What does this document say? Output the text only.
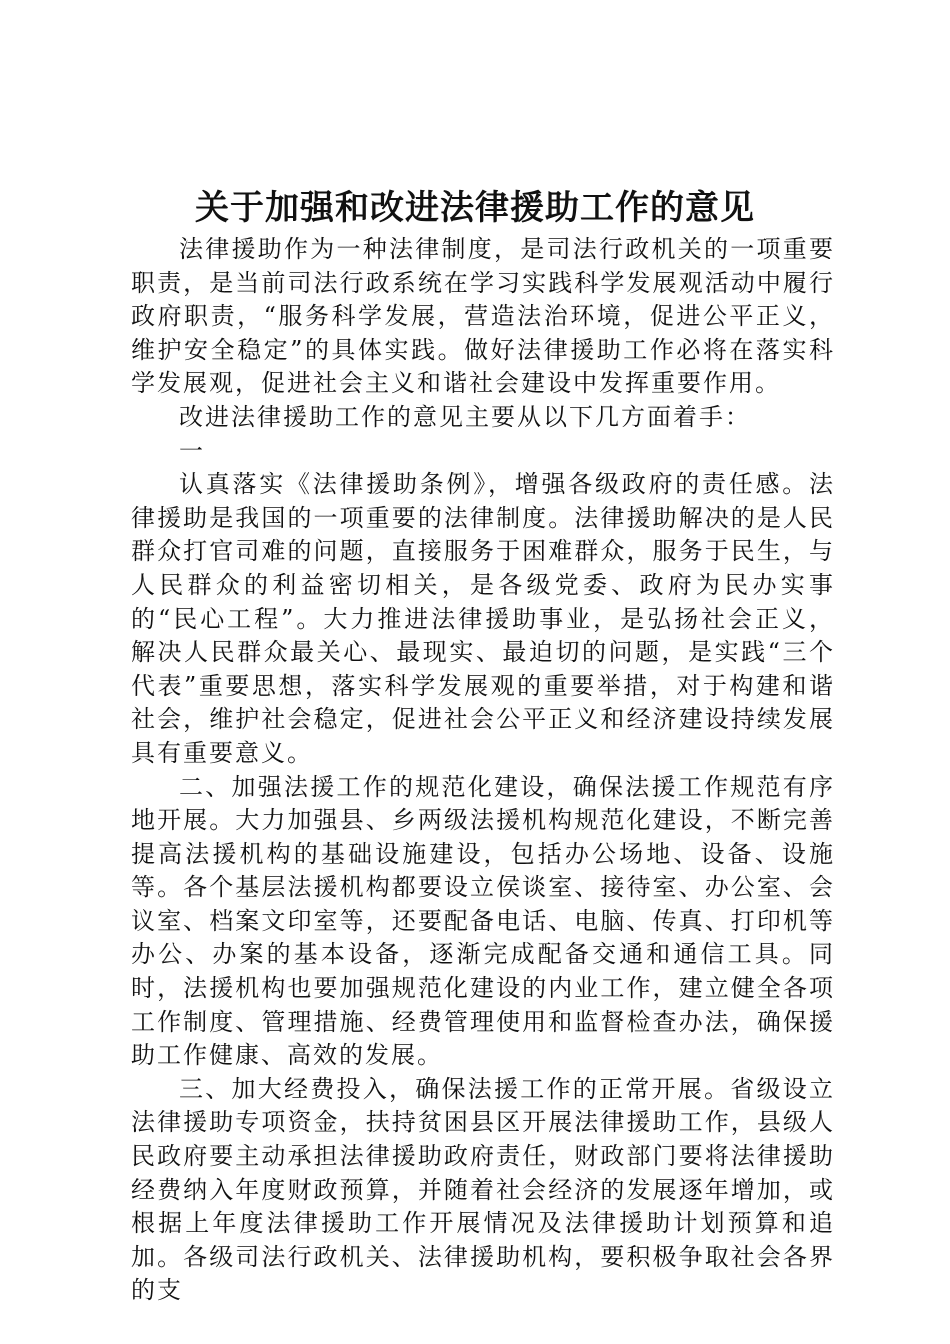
关于加强和改进法律援助工作的意见

法律援助作为一种法律制度，是司法行政机关的一项重要职责，是当前司法行政系统在学习实践科学发展观活动中履行政府职责，“服务科学发展，营造法治环境，促进公平正义，维护安全稳定”的具体实践。做好法律援助工作必将在落实科学发展观，促进社会主义和谐社会建设中发挥重要作用。

改进法律援助工作的意见主要从以下几方面着手：

一

认真落实《法律援助条例》，增强各级政府的责任感。法律援助是我国的一项重要的法律制度。法律援助解决的是人民群众打官司难的问题，直接服务于困难群众，服务于民生，与人民群众的利益密切相关，是各级党委、政府为民办实事的“民心工程”。大力推进法律援助事业，是弘扬社会正义，解决人民群众最关心、最现实、最迫切的问题，是实践“三个代表”重要思想，落实科学发展观的重要举措，对于构建和谐社会，维护社会稳定，促进社会公平正义和经济建设持续发展具有重要意义。

二、加强法援工作的规范化建设，确保法援工作规范有序地开展。大力加强县、乡两级法援机构规范化建设，不断完善提高法援机构的基础设施建设，包括办公场地、设备、设施等。各个基层法援机构都要设立侯谈室、接待室、办公室、会议室、档案文印室等，还要配备电话、电脑、传真、打印机等办公、办案的基本设备，逐渐完成配备交通和通信工具。同时，法援机构也要加强规范化建设的内业工作，建立健全各项工作制度、管理措施、经费管理使用和监督检查办法，确保援助工作健康、高效的发展。

三、加大经费投入，确保法援工作的正常开展。省级设立法律援助专项资金，扶持贫困县区开展法律援助工作，县级人民政府要主动承担法律援助政府责任，财政部门要将法律援助经费纳入年度财政预算，并随着社会经济的发展逐年增加，或根据上年度法律援助工作开展情况及法律援助计划预算和追加。各级司法行政机关、法律援助机构，要积极争取社会各界的支
